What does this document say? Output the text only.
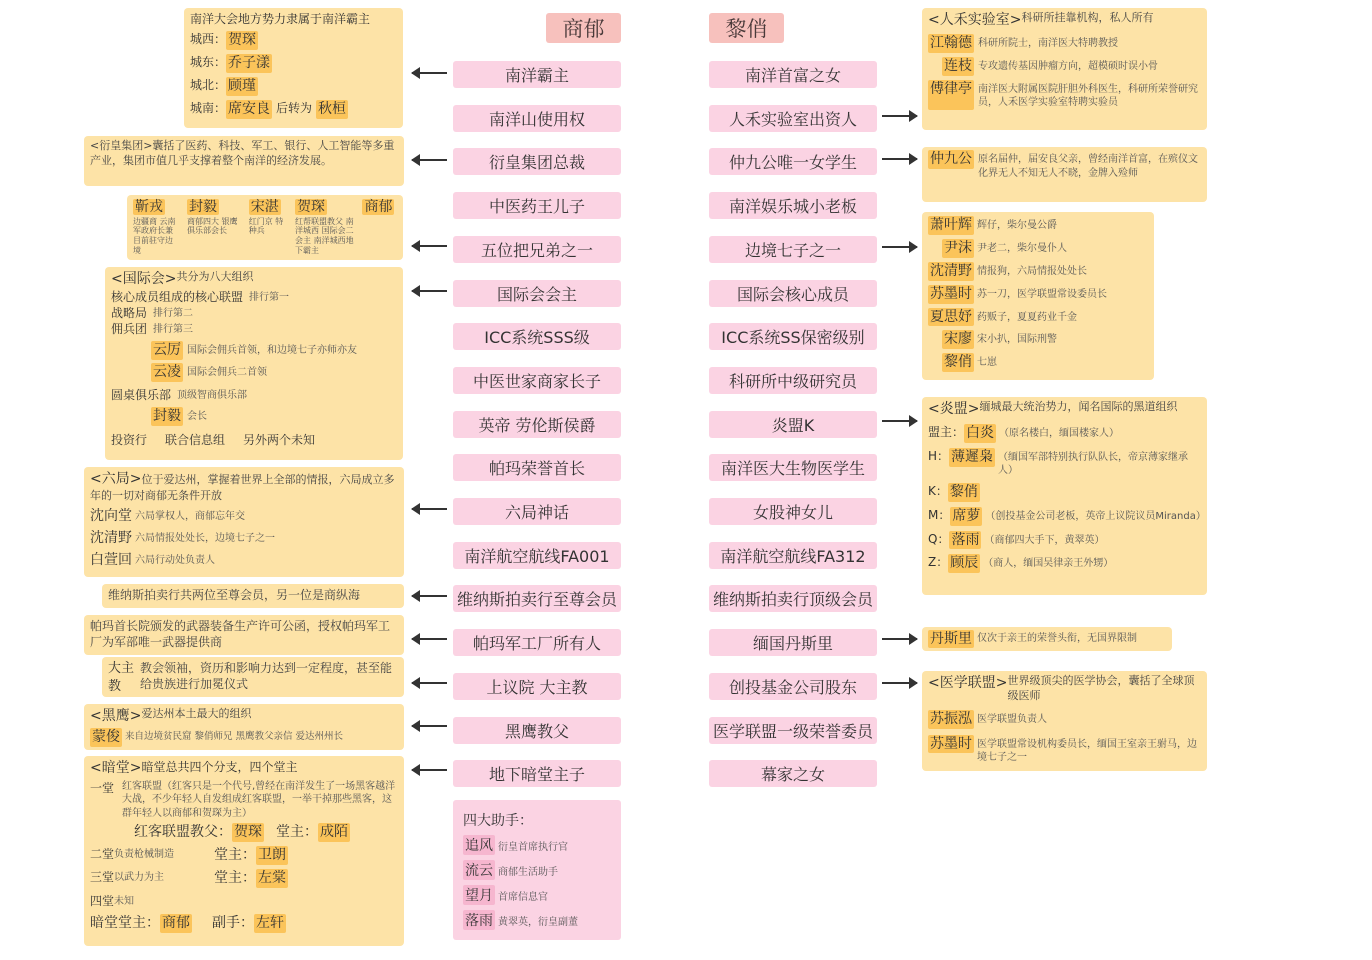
商郁	黎俏
南洋霸主
南洋山使用权
衍皇集团总裁
中医药王儿子
五位把兄弟之一
国际会会主
ICC系统SSS级
中医世家商家长子
英帝 劳伦斯侯爵
帕玛荣誉首长
六局神话
南洋航空航线FA001
维纳斯拍卖行至尊会员
帕玛军工厂所有人
上议院 大主教
黑鹰教父
地下暗堂主子
南洋首富之女
人禾实验室出资人
仲九公唯一女学生
南洋娱乐城小老板
边境七子之一
国际会核心成员
ICC系统SS保密级别
科研所中级研究员
炎盟K
南洋医大生物医学生
女股神女儿
南洋航空航线FA312
维纳斯拍卖行顶级会员
缅国丹斯里
创投基金公司股东
医学联盟一级荣誉委员
幕家之女
南洋大会地方势力隶属于南洋霸主
城西： 贺琛
城东： 乔子漾
城北： 顾瑾
城南： 席安良 后转为 秋桓
<衍皇集团>囊括了医药、科技、军工、银行、人工智能等多重产业，集团市值几乎支撑着整个南洋的经济发展。
靳戎
边疆商 云南军政府长兼 目前驻守边境
封毅
商郁四大 银鹰俱乐部会长
宋湛
红门京 特种兵
贺琛
红帮联盟教父 南洋城西 国际会二会主 南洋城西地下霸主
商郁
<国际会> 共分为八大组织
核心成员组成的核心联盟 排行第一
战略局 排行第二
佣兵团 排行第三
云厉 国际会佣兵首领，和边境七子亦师亦友
云凌 国际会佣兵二首领
圆桌俱乐部 顶级智商俱乐部
封毅 会长
投资行 联合信息组 另外两个未知
<六局>位于爱达州，掌握着世界上全部的情报，六局成立多年的一切对商郁无条件开放
沈向堂 六局掌权人，商郁忘年交
沈清野 六局情报处处长，边境七子之一
白萱回 六局行动处负责人
维纳斯拍卖行共两位至尊会员，另一位是商纵海
帕玛首长院颁发的武器装备生产许可公函，授权帕玛军工厂为军部唯一武器提供商
大主教
教会领袖，资历和影响力达到一定程度，甚至能给贵族进行加冕仪式
<黑鹰> 爱达州本土最大的组织
蒙俊 来自边境贫民窟 黎俏师兄 黑鹰教父亲信 爱达州州长
<暗堂> 暗堂总共四个分支，四个堂主
一堂 红客联盟（红客只是一个代号,曾经在南洋发生了一场黑客越洋大战，不少年轻人自发组成红客联盟，一举干掉那些黑客，这群年轻人以商郁和贺琛为主）
红客联盟教父： 贺琛 堂主： 成陌
二堂 负责枪械制造	堂主： 卫朗
三堂 以武力为主	堂主： 左棠
四堂 未知
暗堂堂主： 商郁 副手： 左轩
四大助手：
追风 衍皇首席执行官
流云 商郁生活助手
望月 首席信息官
落雨 黄翠英，衍皇副董
<人禾实验室> 科研所挂靠机构，私人所有
江翰德 科研所院士，南洋医大特聘教授
连枝 专攻遗传基因肿瘤方向，超模硕时误小骨
傅律亭 南洋医大附属医院肝胆外科医生，科研所荣誉研究员，人禾医学实验室特聘实验员
仲九公 原名届仲，届安良父亲，曾经南洋首富，在殡仪文化界无人不知无人不晓，金牌入殓师
萧叶辉 辉仔，柴尔曼公爵
尹沫 尹老二，柴尔曼仆人
沈清野 情报狗，六局情报处处长
苏墨时 苏一刀，医学联盟常设委员长
夏思妤 药贩子，夏夏药业千金
宋廖 宋小扒，国际刑警
黎俏 七崽
<炎盟> 缅城最大统治势力，闻名国际的黑道组织
盟主： 白炎 （原名楼白，缅国楼家人）
H： 薄遲枭 （缅国军部特别执行队队长，帝京薄家继承人）
K： 黎俏
M： 席萝 （创投基金公司老板，英帝上议院议员Miranda）
Q： 落雨 （商郁四大手下，黄翠英）
Z： 顾辰 （商人，缅国吴律亲王外甥）
丹斯里 仅次于亲王的荣誉头衔，无国界限制
<医学联盟> 世界级顶尖的医学协会，囊括了全球顶级医师
苏振泓 医学联盟负责人
苏墨时 医学联盟常设机构委员长，缅国王室亲王驸马，边境七子之一
